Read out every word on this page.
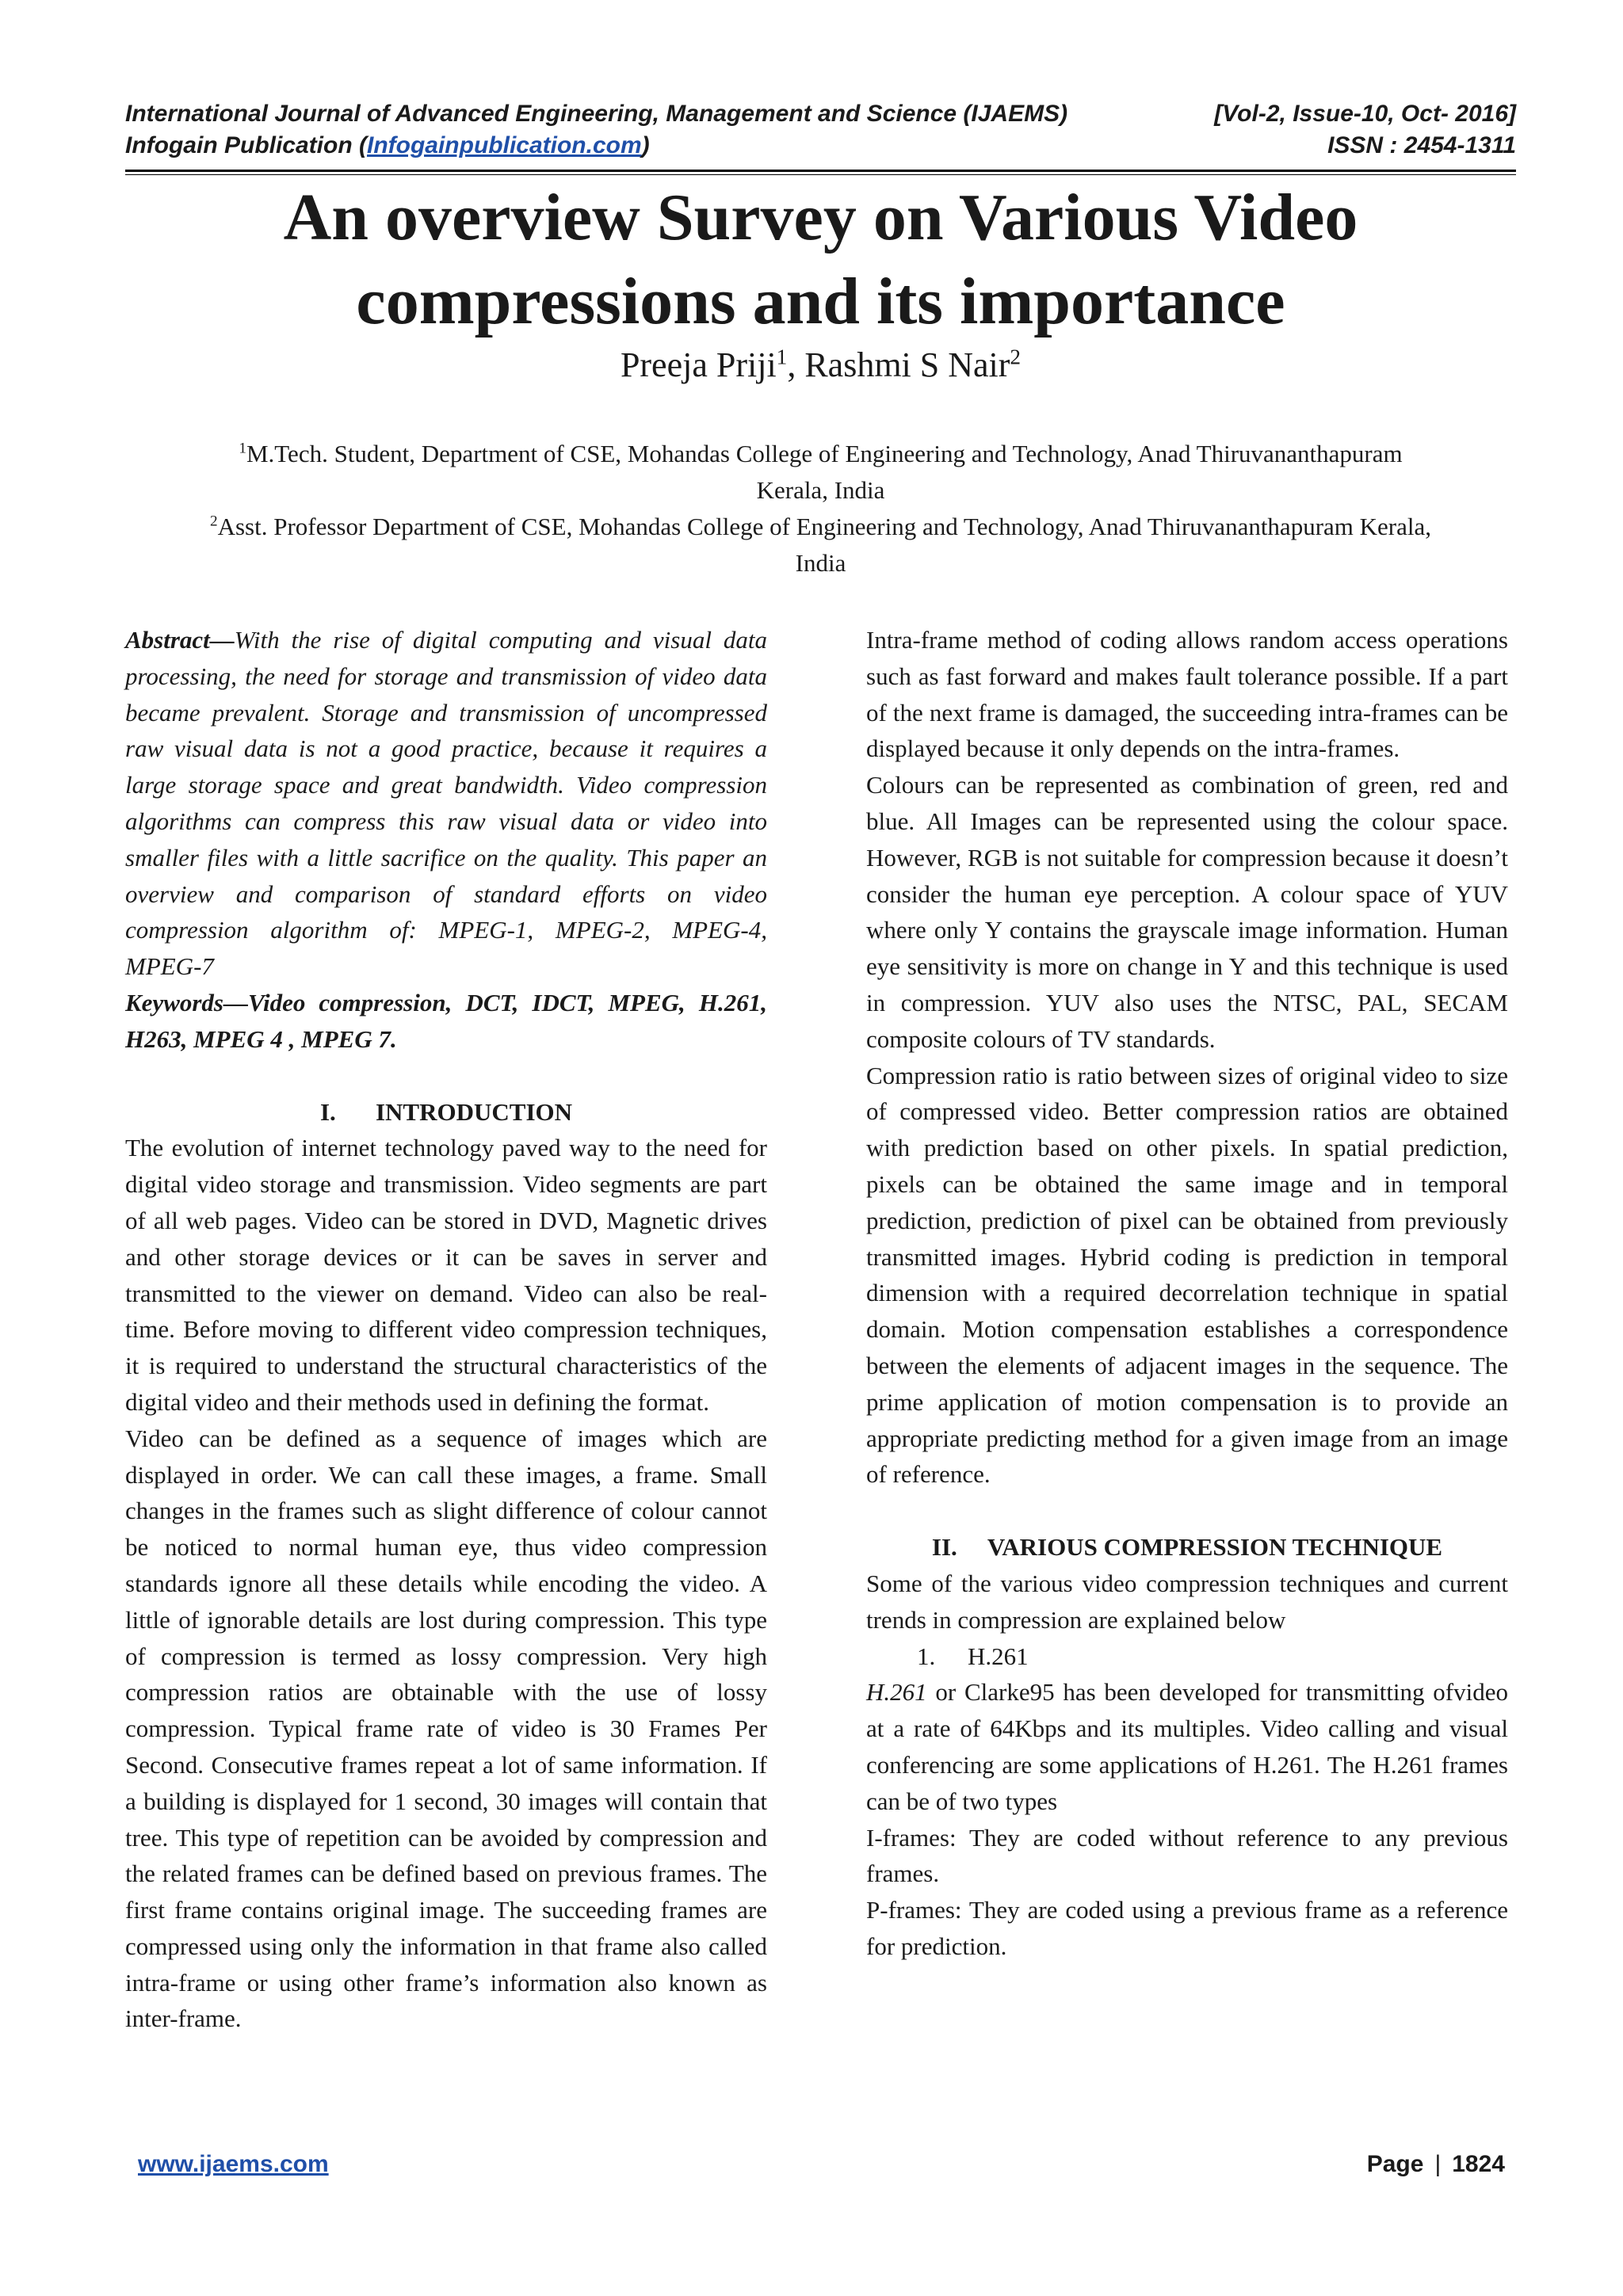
International Journal of Advanced Engineering, Management and Science (IJAEMS)	[Vol-2, Issue-10, Oct- 2016]
Infogain Publication (Infogainpublication.com)	ISSN : 2454-1311
An overview Survey on Various Video
compressions and its importance
Preeja Priji$^1$, Rashmi S Nair$^2$
$^1$M.Tech. Student, Department of CSE, Mohandas College of Engineering and Technology, Anad Thiruvananthapuram
Kerala, India
$^2$Asst. Professor Department of CSE, Mohandas College of Engineering and Technology, Anad Thiruvananthapuram Kerala,
India

Abstract—With the rise of digital computing and visual data processing, the need for storage and transmission of video data became prevalent. Storage and transmission of uncompressed raw visual data is not a good practice, because it requires a large storage space and great bandwidth. Video compression algorithms can compress this raw visual data or video into smaller files with a little sacrifice on the quality. This paper an overview and comparison of standard efforts on video compression algorithm of: MPEG-1, MPEG-2, MPEG-4, MPEG-7

Keywords—Video compression, DCT, IDCT, MPEG, H.261, H263, MPEG 4 , MPEG 7.

I. INTRODUCTION

The evolution of internet technology paved way to the need for digital video storage and transmission. Video segments are part of all web pages. Video can be stored in DVD, Magnetic drives and other storage devices or it can be saves in server and transmitted to the viewer on demand. Video can also be real-time. Before moving to different video compression techniques, it is required to understand the structural characteristics of the digital video and their methods used in defining the format.

Video can be defined as a sequence of images which are displayed in order. We can call these images, a frame. Small changes in the frames such as slight difference of colour cannot be noticed to normal human eye, thus video compression standards ignore all these details while encoding the video. A little of ignorable details are lost during compression. This type of compression is termed as lossy compression. Very high compression ratios are obtainable with the use of lossy compression. Typical frame rate of video is 30 Frames Per Second. Consecutive frames repeat a lot of same information. If a building is displayed for 1 second, 30 images will contain that tree. This type of repetition can be avoided by compression and the related frames can be defined based on previous frames. The first frame contains original image. The succeeding frames are compressed using only the information in that frame also called intra-frame or using other frame’s information also known as inter-frame.

Intra-frame method of coding allows random access operations such as fast forward and makes fault tolerance possible. If a part of the next frame is damaged, the succeeding intra-frames can be displayed because it only depends on the intra-frames.

Colours can be represented as combination of green, red and blue. All Images can be represented using the colour space. However, RGB is not suitable for compression because it doesn’t consider the human eye perception. A colour space of YUV where only Y contains the grayscale image information. Human eye sensitivity is more on change in Y and this technique is used in compression. YUV also uses the NTSC, PAL, SECAM composite colours of TV standards.

Compression ratio is ratio between sizes of original video to size of compressed video. Better compression ratios are obtained with prediction based on other pixels. In spatial prediction, pixels can be obtained the same image and in temporal prediction, prediction of pixel can be obtained from previously transmitted images. Hybrid coding is prediction in temporal dimension with a required decorrelation technique in spatial domain. Motion compensation establishes a correspondence between the elements of adjacent images in the sequence. The prime application of motion compensation is to provide an appropriate predicting method for a given image from an image of reference.

II. VARIOUS COMPRESSION TECHNIQUE

Some of the various video compression techniques and current trends in compression are explained below

1. H.261

H.261 or Clarke95 has been developed for transmitting ofvideo at a rate of 64Kbps and its multiples. Video calling and visual conferencing are some applications of H.261. The H.261 frames can be of two types

I-frames: They are coded without reference to any previous frames.

P-frames: They are coded using a previous frame as a reference for prediction.

www.ijaems.com	Page | 1824
